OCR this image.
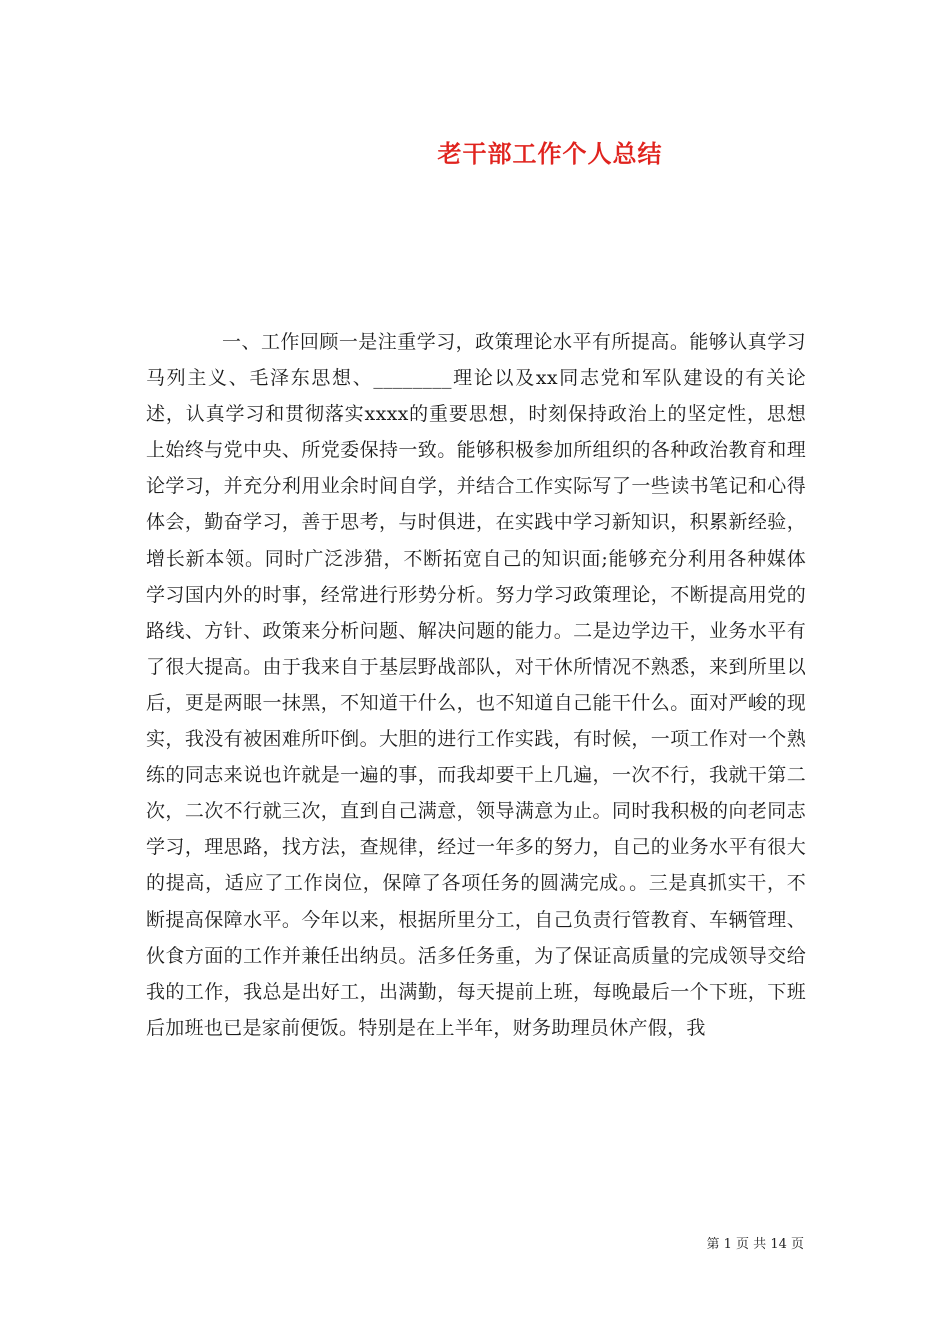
老干部工作个人总结

一、工作回顾一是注重学习，政策理论水平有所提高。能够认真学习马列主义、毛泽东思想、________理论以及xx同志党和军队建设的有关论述，认真学习和贯彻落实xxxx的重要思想，时刻保持政治上的坚定性，思想上始终与党中央、所党委保持一致。能够积极参加所组织的各种政治教育和理论学习，并充分利用业余时间自学，并结合工作实际写了一些读书笔记和心得体会，勤奋学习，善于思考，与时俱进，在实践中学习新知识，积累新经验，增长新本领。同时广泛涉猎，不断拓宽自己的知识面;能够充分利用各种媒体学习国内外的时事，经常进行形势分析。努力学习政策理论，不断提高用党的路线、方针、政策来分析问题、解决问题的能力。二是边学边干，业务水平有了很大提高。由于我来自于基层野战部队，对干休所情况不熟悉，来到所里以后，更是两眼一抹黑，不知道干什么，也不知道自己能干什么。面对严峻的现实，我没有被困难所吓倒。大胆的进行工作实践，有时候，一项工作对一个熟练的同志来说也许就是一遍的事，而我却要干上几遍，一次不行，我就干第二次，二次不行就三次，直到自己满意，领导满意为止。同时我积极的向老同志学习，理思路，找方法，查规律，经过一年多的努力，自己的业务水平有很大的提高，适应了工作岗位，保障了各项任务的圆满完成。。三是真抓实干，不断提高保障水平。今年以来，根据所里分工，自己负责行管教育、车辆管理、伙食方面的工作并兼任出纳员。活多任务重，为了保证高质量的完成领导交给我的工作，我总是出好工，出满勤，每天提前上班，每晚最后一个下班，下班后加班也已是家前便饭。特别是在上半年，财务助理员休产假，我

第 1 页 共 14 页
